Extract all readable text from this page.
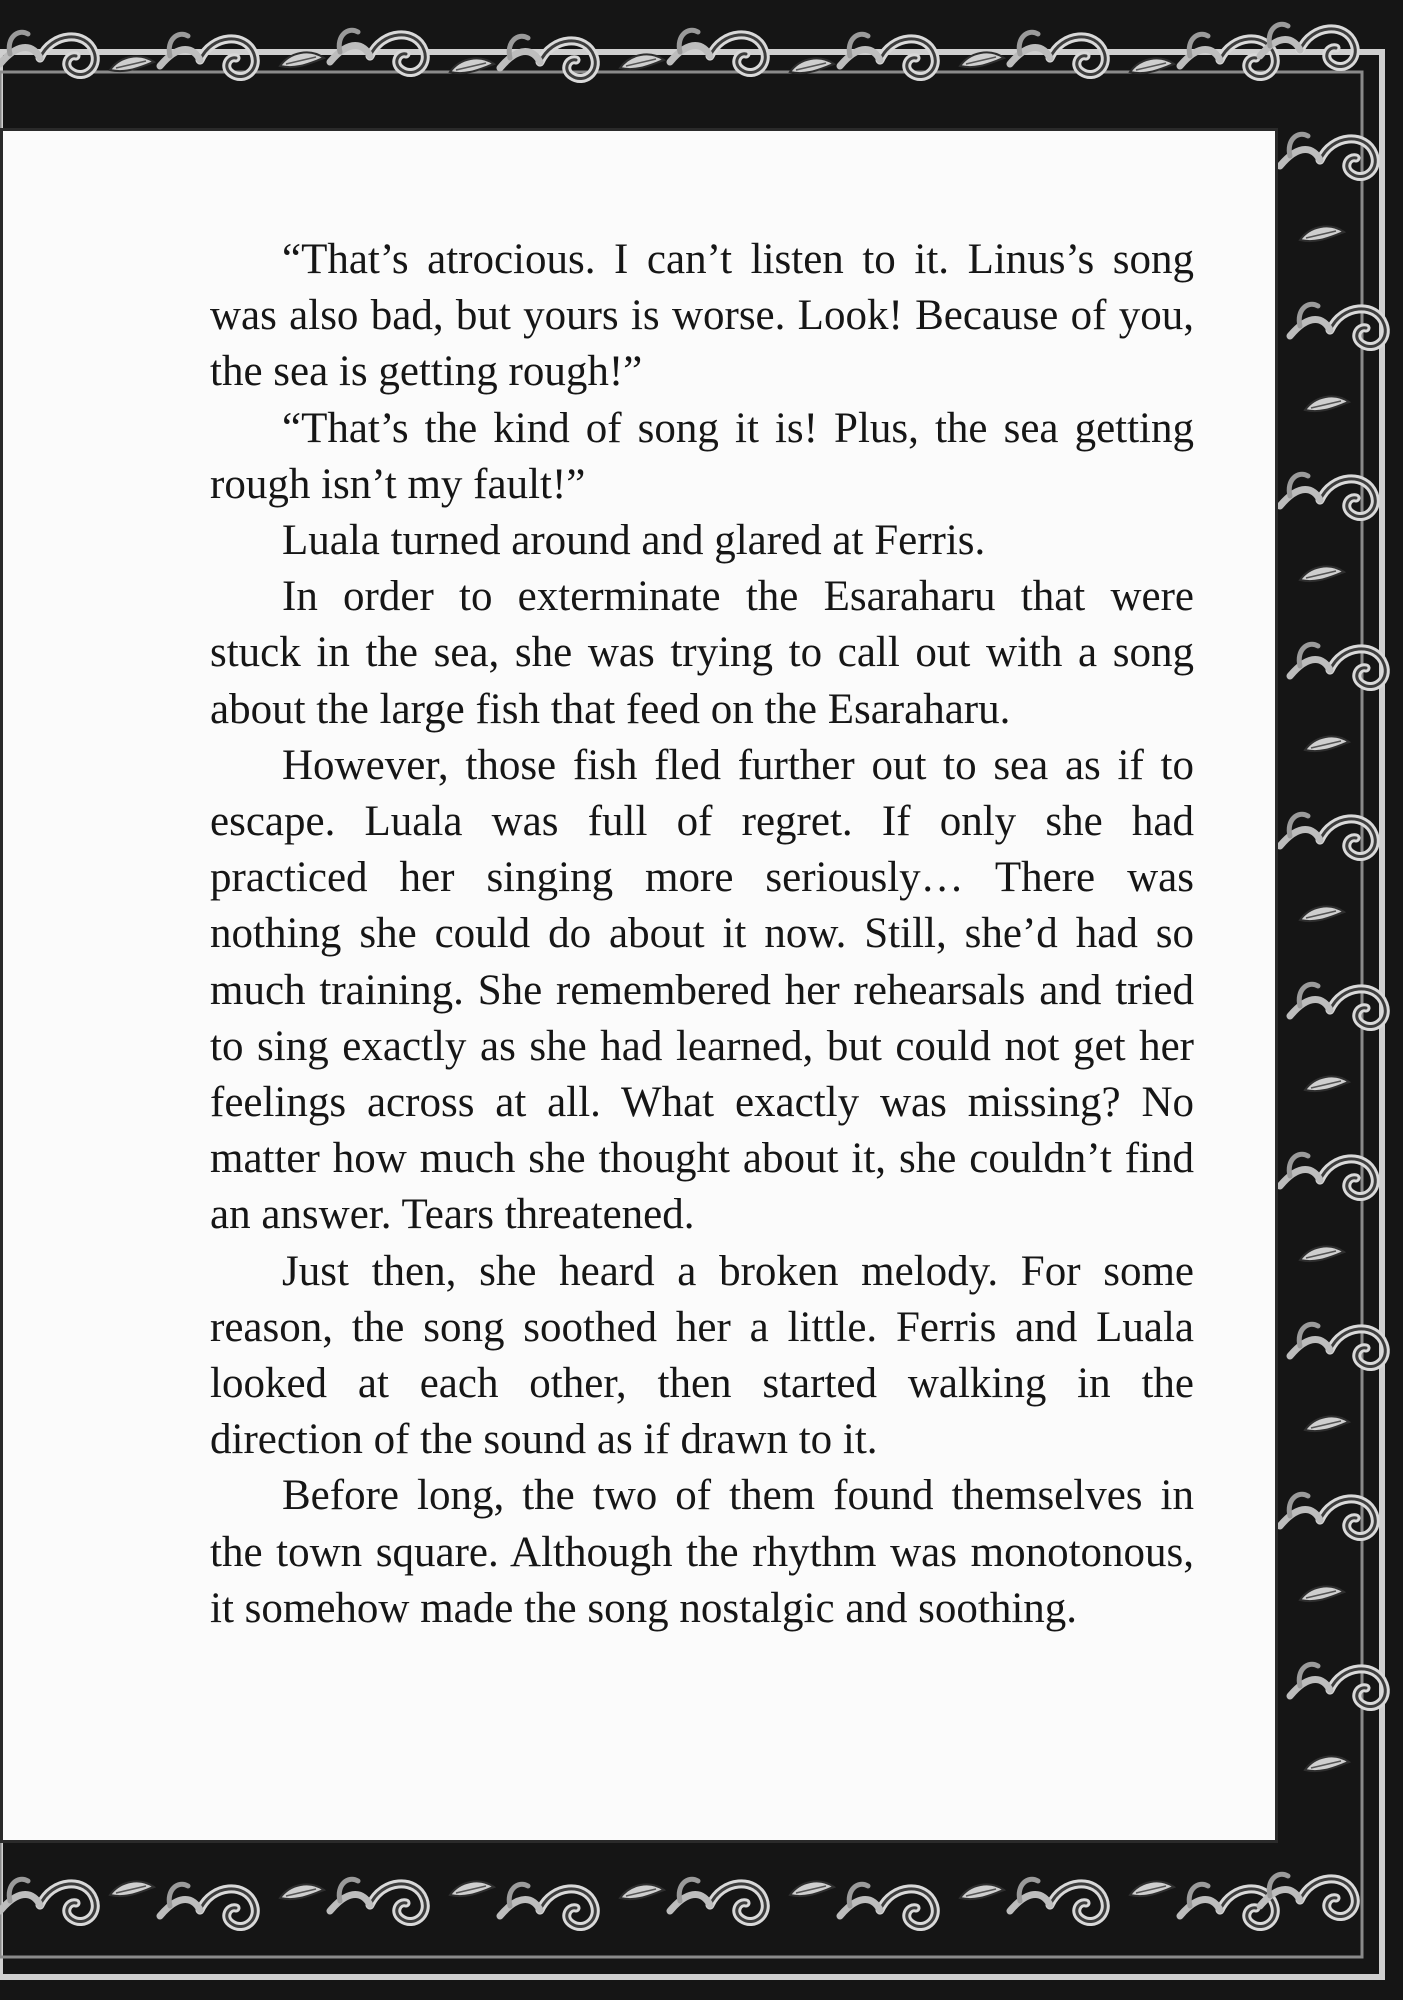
“That’s atrocious. I can’t listen to it. Linus’s song was also bad, but yours is worse. Look! Because of you, the sea is getting rough!”

“That’s the kind of song it is! Plus, the sea getting rough isn’t my fault!”

Luala turned around and glared at Ferris.

In order to exterminate the Esaraharu that were stuck in the sea, she was trying to call out with a song about the large fish that feed on the Esaraharu.

However, those fish fled further out to sea as if to escape. Luala was full of regret. If only she had practiced her singing more seriously… There was nothing she could do about it now. Still, she’d had so much training. She remembered her rehearsals and tried to sing exactly as she had learned, but could not get her feelings across at all. What exactly was missing? No matter how much she thought about it, she couldn’t find an answer. Tears threatened.

Just then, she heard a broken melody. For some reason, the song soothed her a little. Ferris and Luala looked at each other, then started walking in the direction of the sound as if drawn to it.

Before long, the two of them found themselves in the town square. Although the rhythm was monotonous, it somehow made the song nostalgic and soothing.
